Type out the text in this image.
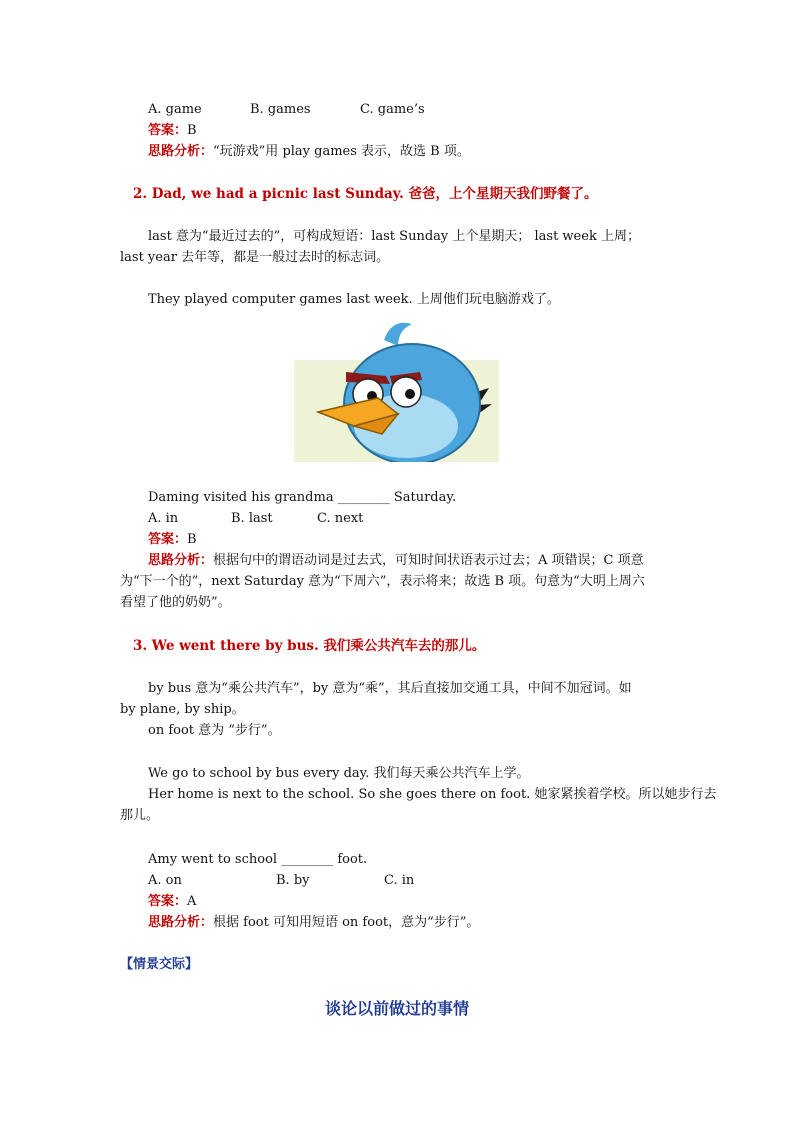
A. game	B. games	C. game’s
答案：B
思路分析：“玩游戏”用 play games 表示，故选 B 项。
2. Dad, we had a picnic last Sunday. 爸爸，上个星期天我们野餐了。
last 意为“最近过去的”，可构成短语：last Sunday 上个星期天； last week 上周；
last year 去年等，都是一般过去时的标志词。
They played computer games last week. 上周他们玩电脑游戏了。
Daming visited his grandma ________ Saturday.
A. in	B. last	C. next
答案：B
思路分析：根据句中的谓语动词是过去式，可知时间状语表示过去；A 项错误；C 项意
为“下一个的”，next Saturday 意为“下周六”，表示将来；故选 B 项。句意为“大明上周六
看望了他的奶奶”。
3. We went there by bus. 我们乘公共汽车去的那儿。
by bus 意为“乘公共汽车”，by 意为“乘”，其后直接加交通工具，中间不加冠词。如
by plane, by ship。
on foot 意为 “步行”。
We go to school by bus every day. 我们每天乘公共汽车上学。
Her home is next to the school. So she goes there on foot. 她家紧挨着学校。所以她步行去
那儿。
Amy went to school ________ foot.
A. on	B. by	C. in
答案：A
思路分析：根据 foot 可知用短语 on foot，意为“步行”。
【情景交际】
谈论以前做过的事情
